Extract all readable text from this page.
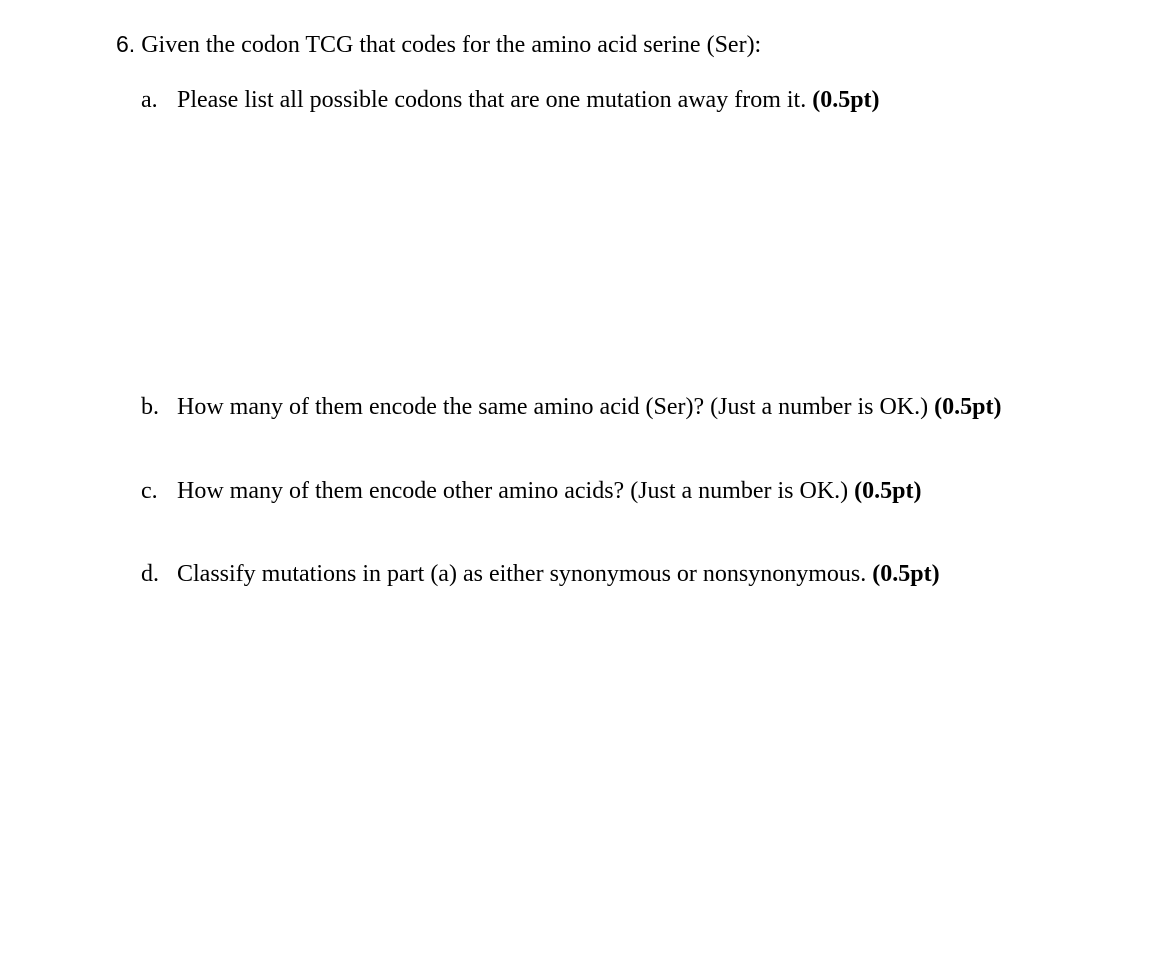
6. Given the codon TCG that codes for the amino acid serine (Ser):
a. Please list all possible codons that are one mutation away from it. (0.5pt)
b. How many of them encode the same amino acid (Ser)? (Just a number is OK.) (0.5pt)
c. How many of them encode other amino acids? (Just a number is OK.) (0.5pt)
d. Classify mutations in part (a) as either synonymous or nonsynonymous. (0.5pt)
